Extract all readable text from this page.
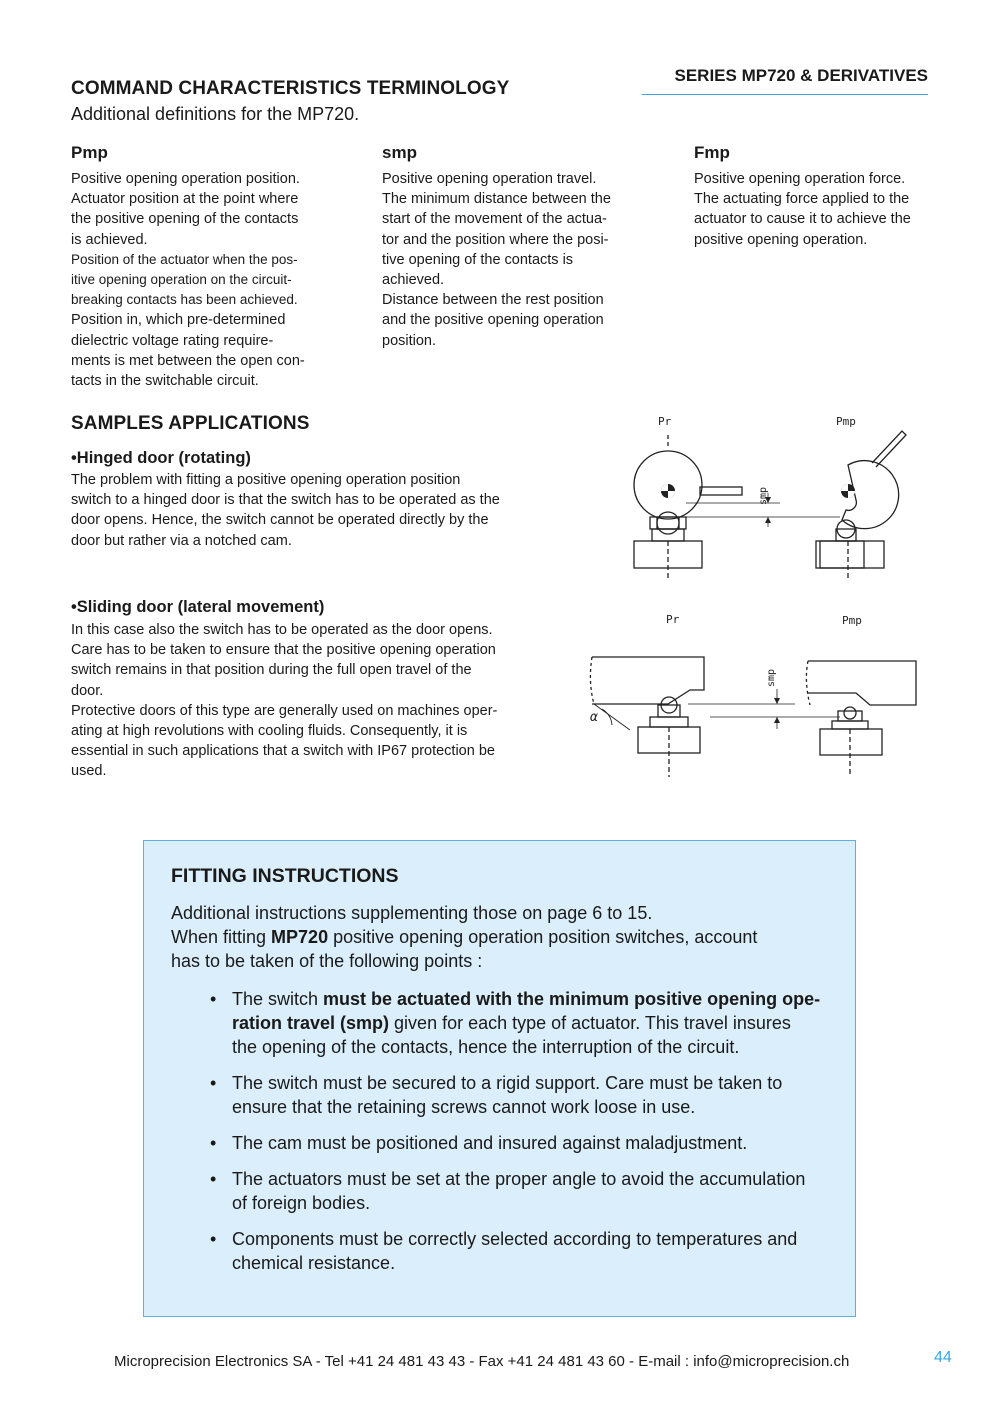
SERIES MP720 & DERIVATIVES
COMMAND CHARACTERISTICS TERMINOLOGY
Additional definitions for the MP720.
Pmp
Positive opening operation position.
Actuator position at the point where
the positive opening of the contacts
is achieved.
Position of the actuator when the pos-
itive opening operation on the circuit-
breaking contacts has been achieved.
Position in, which pre-determined
dielectric voltage rating require-
ments is met between the open con-
tacts in the switchable circuit.
smp
Positive opening operation travel.
The minimum distance between the
start of the movement of the actua-
tor and the position where the posi-
tive opening of the contacts is
achieved.
Distance between the rest position
and the positive opening operation
position.
Fmp
Positive opening operation force.
The actuating force applied to the
actuator to cause it to achieve the
positive opening operation.
SAMPLES APPLICATIONS
•Hinged door (rotating)
The problem with fitting a positive opening operation position
switch to a hinged door is that the switch has to be operated as the
door opens. Hence, the switch cannot be operated directly by the
door but rather via a notched cam.
Pr	Pmp
smp
•Sliding door (lateral movement)
In this case also the switch has to be operated as the door opens.
Care has to be taken to ensure that the positive opening operation
switch remains in that position during the full open travel of the
door.
Protective doors of this type are generally used on machines oper-
ating at high revolutions with cooling fluids. Consequently, it is
essential in such applications that a switch with IP67 protection be
used.
Pr	Pmp
smp
α
FITTING INSTRUCTIONS
Additional instructions supplementing those on page 6 to 15.
When fitting MP720 positive opening operation position switches, account
has to be taken of the following points :
• The switch must be actuated with the minimum positive opening ope-
ration travel (smp) given for each type of actuator. This travel insures
the opening of the contacts, hence the interruption of the circuit.
• The switch must be secured to a rigid support. Care must be taken to
ensure that the retaining screws cannot work loose in use.
• The cam must be positioned and insured against maladjustment.
• The actuators must be set at the proper angle to avoid the accumulation
of foreign bodies.
• Components must be correctly selected according to temperatures and
chemical resistance.
Microprecision Electronics SA - Tel +41 24 481 43 43 - Fax +41 24 481 43 60 - E-mail : info@microprecision.ch	44
